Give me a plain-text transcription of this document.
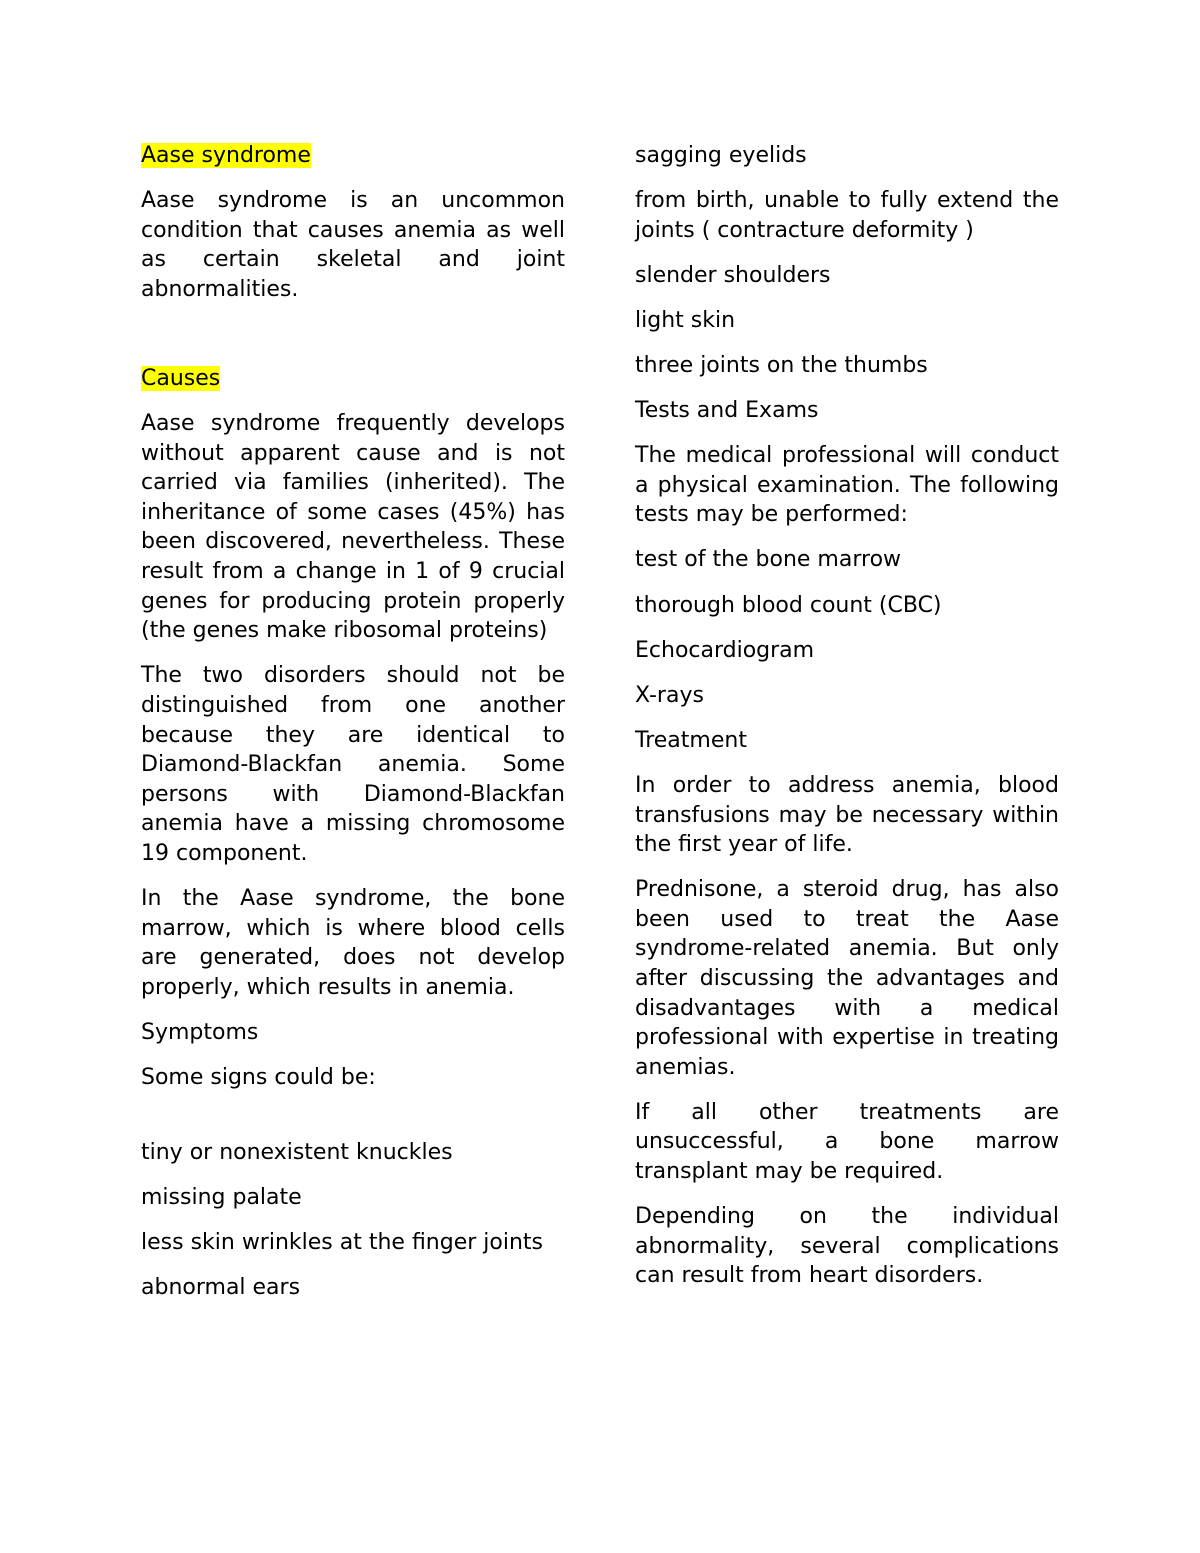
Aase syndrome

Aase syndrome is an uncommon condition that causes anemia as well as certain skeletal and joint abnormalities.

Causes

Aase syndrome frequently develops without apparent cause and is not carried via families (inherited). The inheritance of some cases (45%) has been discovered, nevertheless. These result from a change in 1 of 9 crucial genes for producing protein properly (the genes make ribosomal proteins)

The two disorders should not be distinguished from one another because they are identical to Diamond-Blackfan anemia. Some persons with Diamond-Blackfan anemia have a missing chromosome 19 component.

In the Aase syndrome, the bone marrow, which is where blood cells are generated, does not develop properly, which results in anemia.

Symptoms

Some signs could be:

tiny or nonexistent knuckles

missing palate

less skin wrinkles at the finger joints

abnormal ears

sagging eyelids

from birth, unable to fully extend the joints ( contracture deformity )

slender shoulders

light skin

three joints on the thumbs

Tests and Exams

The medical professional will conduct a physical examination. The following tests may be performed:

test of the bone marrow

thorough blood count (CBC)

Echocardiogram

X-rays

Treatment

In order to address anemia, blood transfusions may be necessary within the first year of life.

Prednisone, a steroid drug, has also been used to treat the Aase syndrome-related anemia. But only after discussing the advantages and disadvantages with a medical professional with expertise in treating anemias.

If all other treatments are unsuccessful, a bone marrow transplant may be required.

Depending on the individual abnormality, several complications can result from heart disorders.
